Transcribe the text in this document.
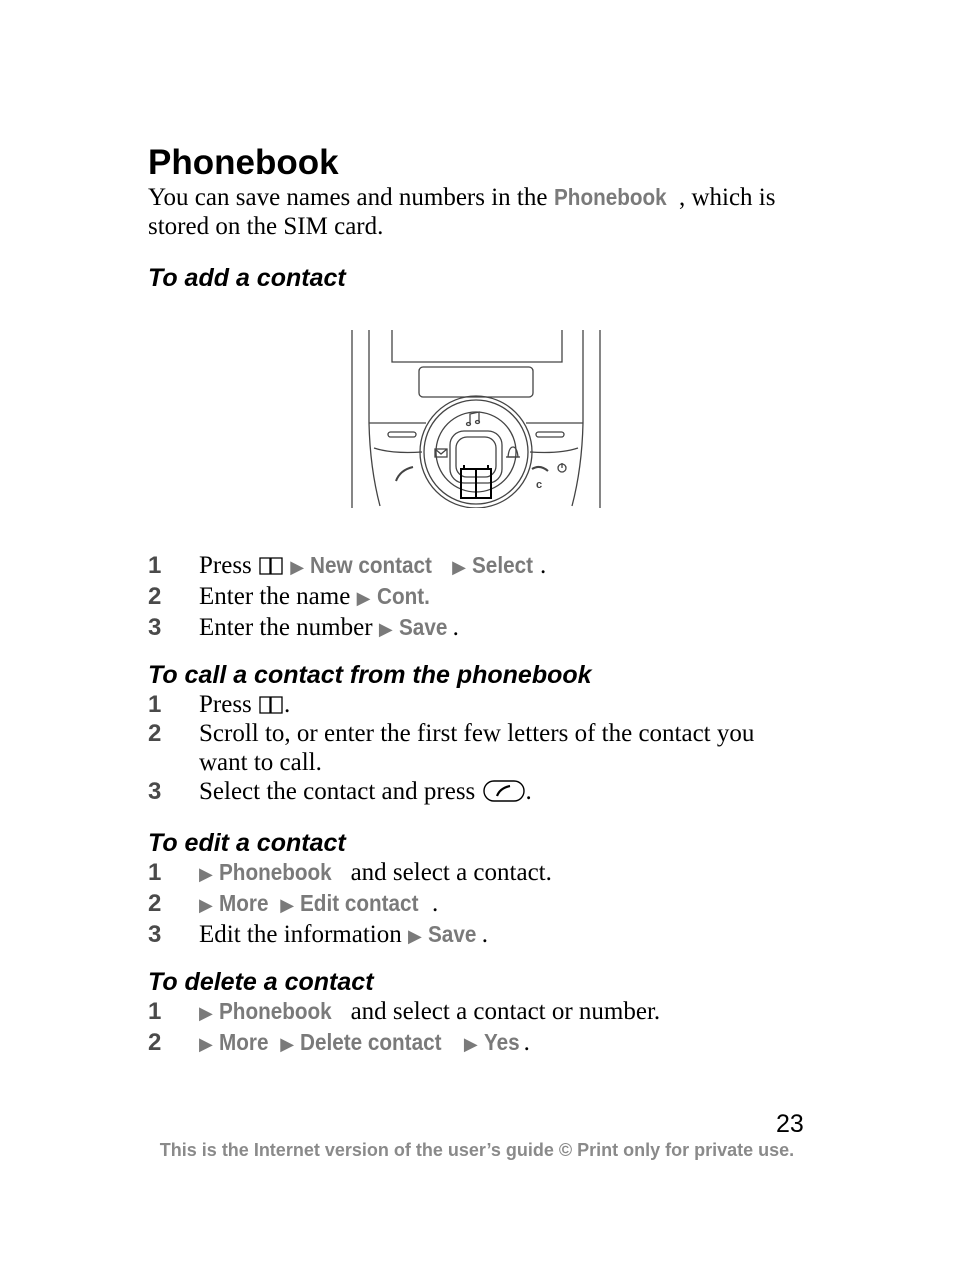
Phonebook

You can save names and numbers in the Phonebook , which is stored on the SIM card.

To add a contact
c
1 Press ▶ New contact ▶ Select .
2 Enter the name ▶ Cont.
3 Enter the number ▶ Save .
To call a contact from the phonebook
1 Press .
2 Scroll to, or enter the first few letters of the contact you want to call.
3 Select the contact and press .
To edit a contact
1 ▶ Phonebook and select a contact.
2 ▶ More ▶ Edit contact .
3 Edit the information ▶ Save .
To delete a contact
1 ▶ Phonebook and select a contact or number.
2 ▶ More ▶ Delete contact ▶ Yes .
23
This is the Internet version of the user’s guide © Print only for private use.
